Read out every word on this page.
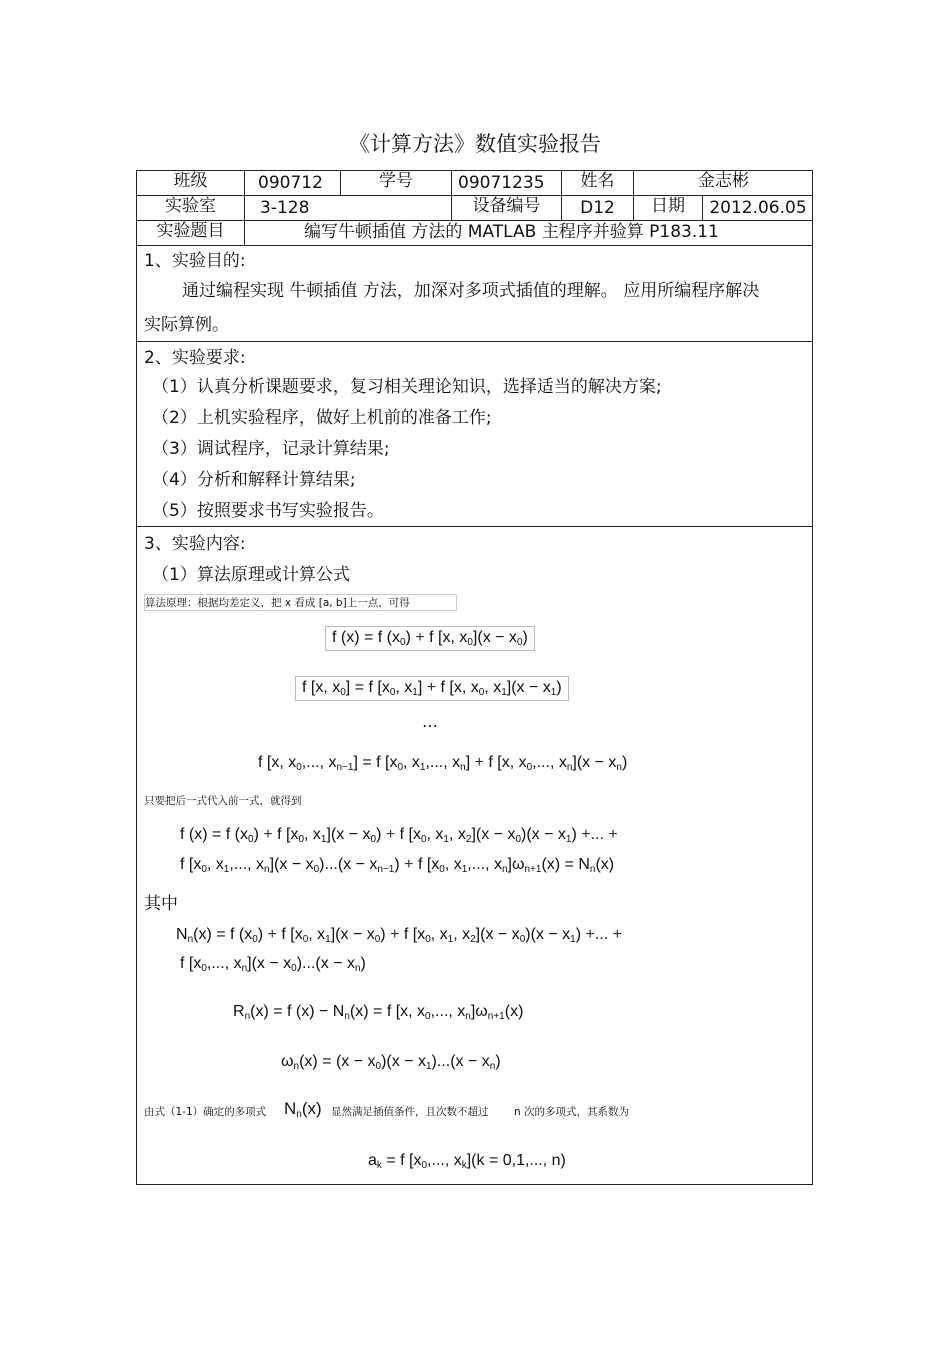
《计算方法》数值实验报告
班级	090712	学号	09071235	姓名	金志彬
实验室	3-128	设备编号	D12	日期	2012.06.05
实验题目	编写牛顿插值 方法的 MATLAB 主程序并验算 P183.11
1、实验目的:
通过编程实现 牛顿插值 方法，加深对多项式插值的理解。 应用所编程序解决
实际算例。
2、实验要求:
（1）认真分析课题要求，复习相关理论知识，选择适当的解决方案;
（2）上机实验程序，做好上机前的准备工作;
（3）调试程序，记录计算结果;
（4）分析和解释计算结果;
（5）按照要求书写实验报告。
3、实验内容:
（1）算法原理或计算公式
算法原理：根据均差定义，把 x 看成 [a, b]上一点，可得
f (x) = f $(x_0) + f$ [x, $x_0](x - x_0)$
f [x, $x_0] = f$ [$x_0$, $x_1] + f$ [x, $x_0$, $x_1](x - x_1)$
…
f [x, $x_0$,..., $x_{n-1}] = f$ [$x_0$, $x_1$,..., $x_n] + f$ [x, $x_0$,..., $x_n](x - x_n)$
只要把后一式代入前一式，就得到
f (x) = f $(x_0) + f$ [$x_0$, $x_1](x - x_0) + f$ [$x_0$, $x_1$, $x_2](x - x_0)(x - x_1)$ +... +
f [$x_0$, $x_1$,..., $x_n](x - x_0)...(x - x_{n-1}) + f$ [$x_0$, $x_1$,..., $x_n]\omega_{n+1}(x) = N_n(x)$
其中
$N_n(x) = f$ $(x_0) + f$ [$x_0$, $x_1](x - x_0) + f$ [$x_0$, $x_1$, $x_2](x - x_0)(x - x_1)$ +... +
f [$x_0$,..., $x_n](x - x_0)...(x - x_n)$
$R_n(x) = f$ $(x) - N_n(x) = f$ [x, $x_0$,..., $x_n]\omega_{n+1}(x)$
$\omega_n(x) = (x - x_0)(x - x_1)...(x - x_n)$
由式（1-1）确定的多项式 $N_n(x)$ 显然满足插值条件，且次数不超过 n 次的多项式，其系数为
$a_k = f$ [$x_0$,..., $x_k](k = 0,1$,..., n)
